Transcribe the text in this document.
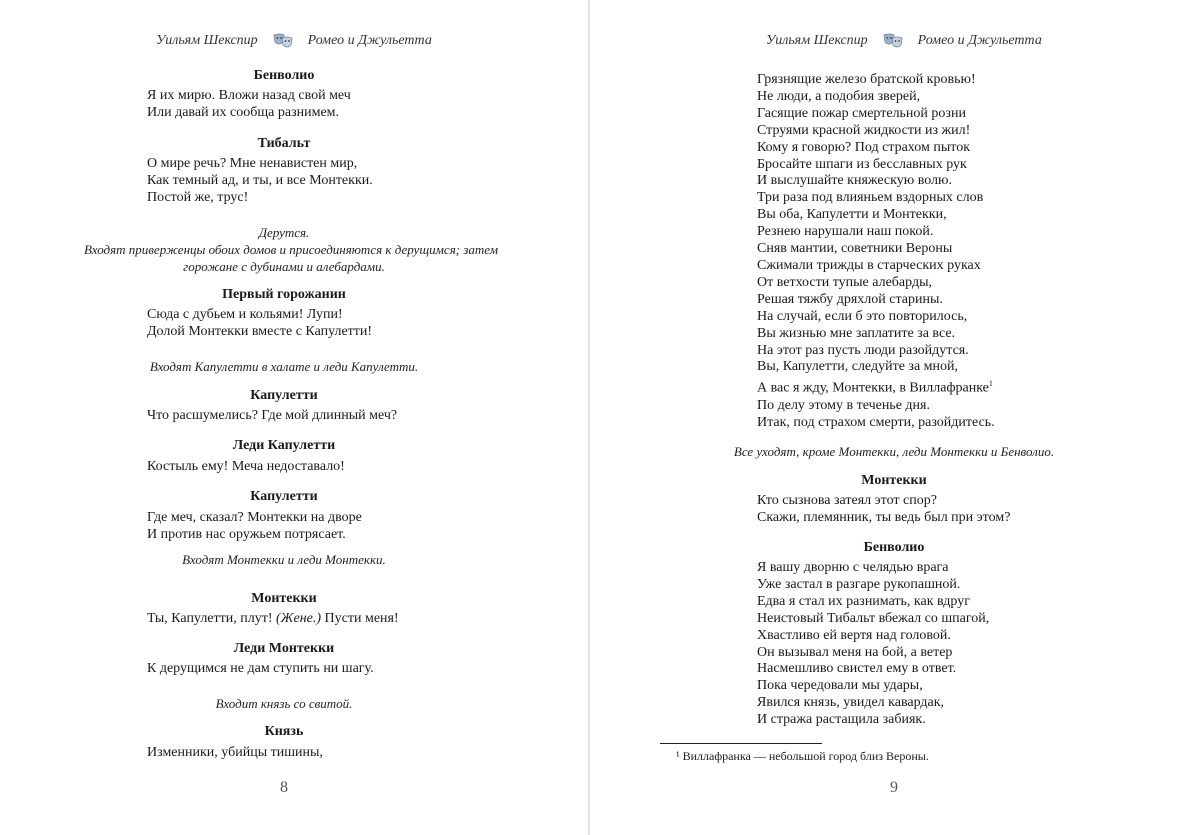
Уильям Шекспир	Ромео и Джульетта
Бенволио
Я их мирю. Вложи назад свой меч
Или давай их сообща разнимем.
Тибальт
О мире речь? Мне ненавистен мир,
Как темный ад, и ты, и все Монтекки.
Постой же, трус!
Дерутся.
Входят приверженцы обоих домов и присоединяются к дерущимся; затем
горожане с дубинами и алебардами.
Первый горожанин
Сюда с дубьем и кольями! Лупи!
Долой Монтекки вместе с Капулетти!
Входят Капулетти в халате и леди Капулетти.
Капулетти
Что расшумелись? Где мой длинный меч?
Леди Капулетти
Костыль ему! Меча недоставало!
Капулетти
Где меч, сказал? Монтекки на дворе
И против нас оружьем потрясает.
Входят Монтекки и леди Монтекки.
Монтекки
Ты, Капулетти, плут! (Жене.) Пусти меня!
Леди Монтекки
К дерущимся не дам ступить ни шагу.
Входит князь со свитой.
Князь
Изменники, убийцы тишины,
8
Уильям Шекспир	Ромео и Джульетта
Грязнящие железо братской кровью!
Не люди, а подобия зверей,
Гасящие пожар смертельной розни
Струями красной жидкости из жил!
Кому я говорю? Под страхом пыток
Бросайте шпаги из бесславных рук
И выслушайте княжескую волю.
Три раза под влияньем вздорных слов
Вы оба, Капулетти и Монтекки,
Резнею нарушали наш покой.
Сняв мантии, советники Вероны
Сжимали трижды в старческих руках
От ветхости тупые алебарды,
Решая тяжбу дряхлой старины.
На случай, если б это повторилось,
Вы жизнью мне заплатите за все.
На этот раз пусть люди разойдутся.
Вы, Капулетти, следуйте за мной,
А вас я жду, Монтекки, в Виллафранке$^1$
По делу этому в теченье дня.
Итак, под страхом смерти, разойдитесь.
Все уходят, кроме Монтекки, леди Монтекки и Бенволио.
Монтекки
Кто сызнова затеял этот спор?
Скажи, племянник, ты ведь был при этом?
Бенволио
Я вашу дворню с челядью врага
Уже застал в разгаре рукопашной.
Едва я стал их разнимать, как вдруг
Неистовый Тибальт вбежал со шпагой,
Хвастливо ей вертя над головой.
Он вызывал меня на бой, а ветер
Насмешливо свистел ему в ответ.
Пока чередовали мы удары,
Явился князь, увидел кавардак,
И стража растащила забияк.
¹ Виллафранка — небольшой город близ Вероны.
9
